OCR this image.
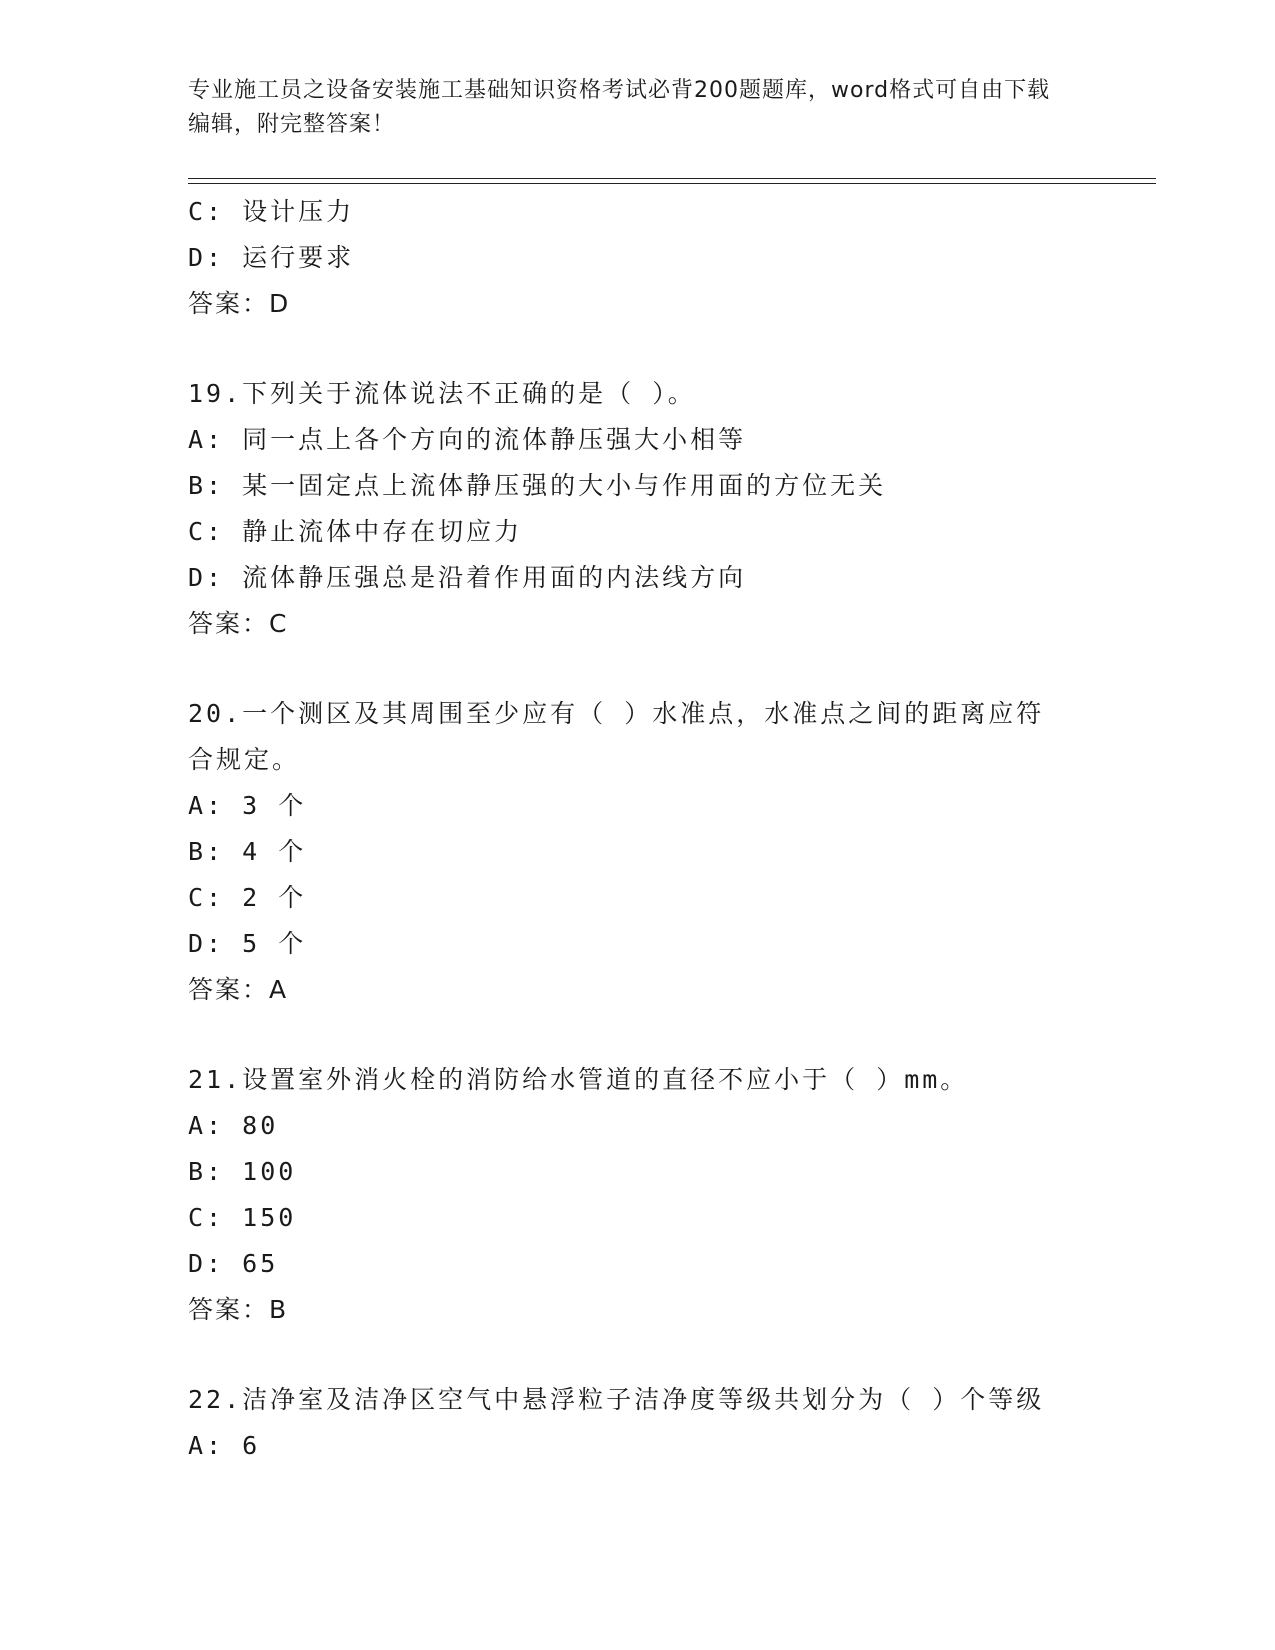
专业施工员之设备安装施工基础知识资格考试必背200题题库，word格式可自由下载编辑，附完整答案！
C: 设计压力
D: 运行要求
答案：D
19.下列关于流体说法不正确的是（ ）。
A: 同一点上各个方向的流体静压强大小相等
B: 某一固定点上流体静压强的大小与作用面的方位无关
C: 静止流体中存在切应力
D: 流体静压强总是沿着作用面的内法线方向
答案：C
20.一个测区及其周围至少应有（ ）水准点，水准点之间的距离应符合规定。
A: 3 个
B: 4 个
C: 2 个
D: 5 个
答案：A
21.设置室外消火栓的消防给水管道的直径不应小于（ ）mm。
A: 80
B: 100
C: 150
D: 65
答案：B
22.洁净室及洁净区空气中悬浮粒子洁净度等级共划分为（ ）个等级
A: 6
